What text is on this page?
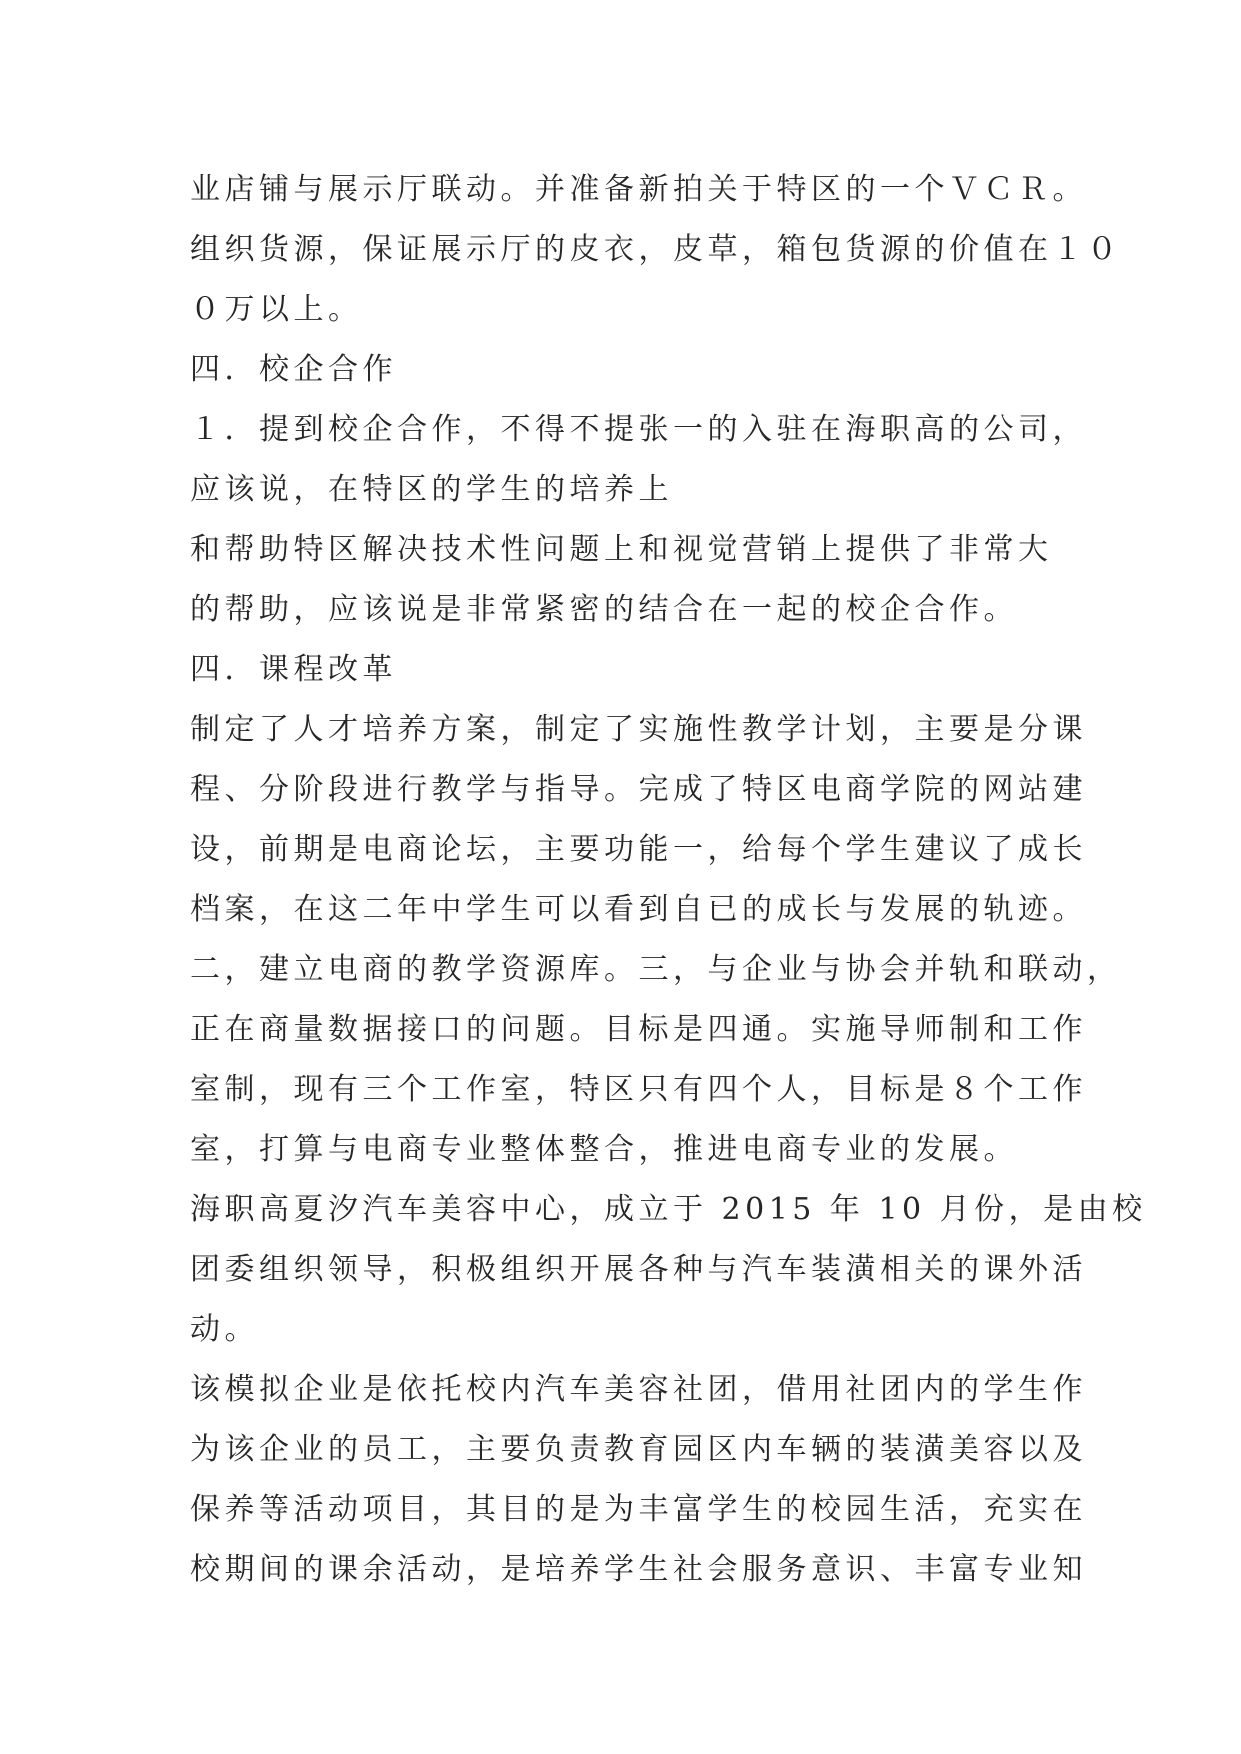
业店铺与展示厅联动。并准备新拍关于特区的一个ＶＣＲ。
组织货源，保证展示厅的皮衣，皮草，箱包货源的价值在１０
０万以上。
四．校企合作
１．提到校企合作，不得不提张一的入驻在海职高的公司，
应该说，在特区的学生的培养上
和帮助特区解决技术性问题上和视觉营销上提供了非常大
的帮助，应该说是非常紧密的结合在一起的校企合作。
四．课程改革
制定了人才培养方案，制定了实施性教学计划，主要是分课
程、分阶段进行教学与指导。完成了特区电商学院的网站建
设，前期是电商论坛，主要功能一，给每个学生建议了成长
档案，在这二年中学生可以看到自已的成长与发展的轨迹。
二，建立电商的教学资源库。三，与企业与协会并轨和联动，
正在商量数据接口的问题。目标是四通。实施导师制和工作
室制，现有三个工作室，特区只有四个人，目标是８个工作
室，打算与电商专业整体整合，推进电商专业的发展。
海职高夏汐汽车美容中心，成立于 2015 年 10 月份，是由校
团委组织领导，积极组织开展各种与汽车装潢相关的课外活
动。
该模拟企业是依托校内汽车美容社团，借用社团内的学生作
为该企业的员工，主要负责教育园区内车辆的装潢美容以及
保养等活动项目，其目的是为丰富学生的校园生活，充实在
校期间的课余活动，是培养学生社会服务意识、丰富专业知
